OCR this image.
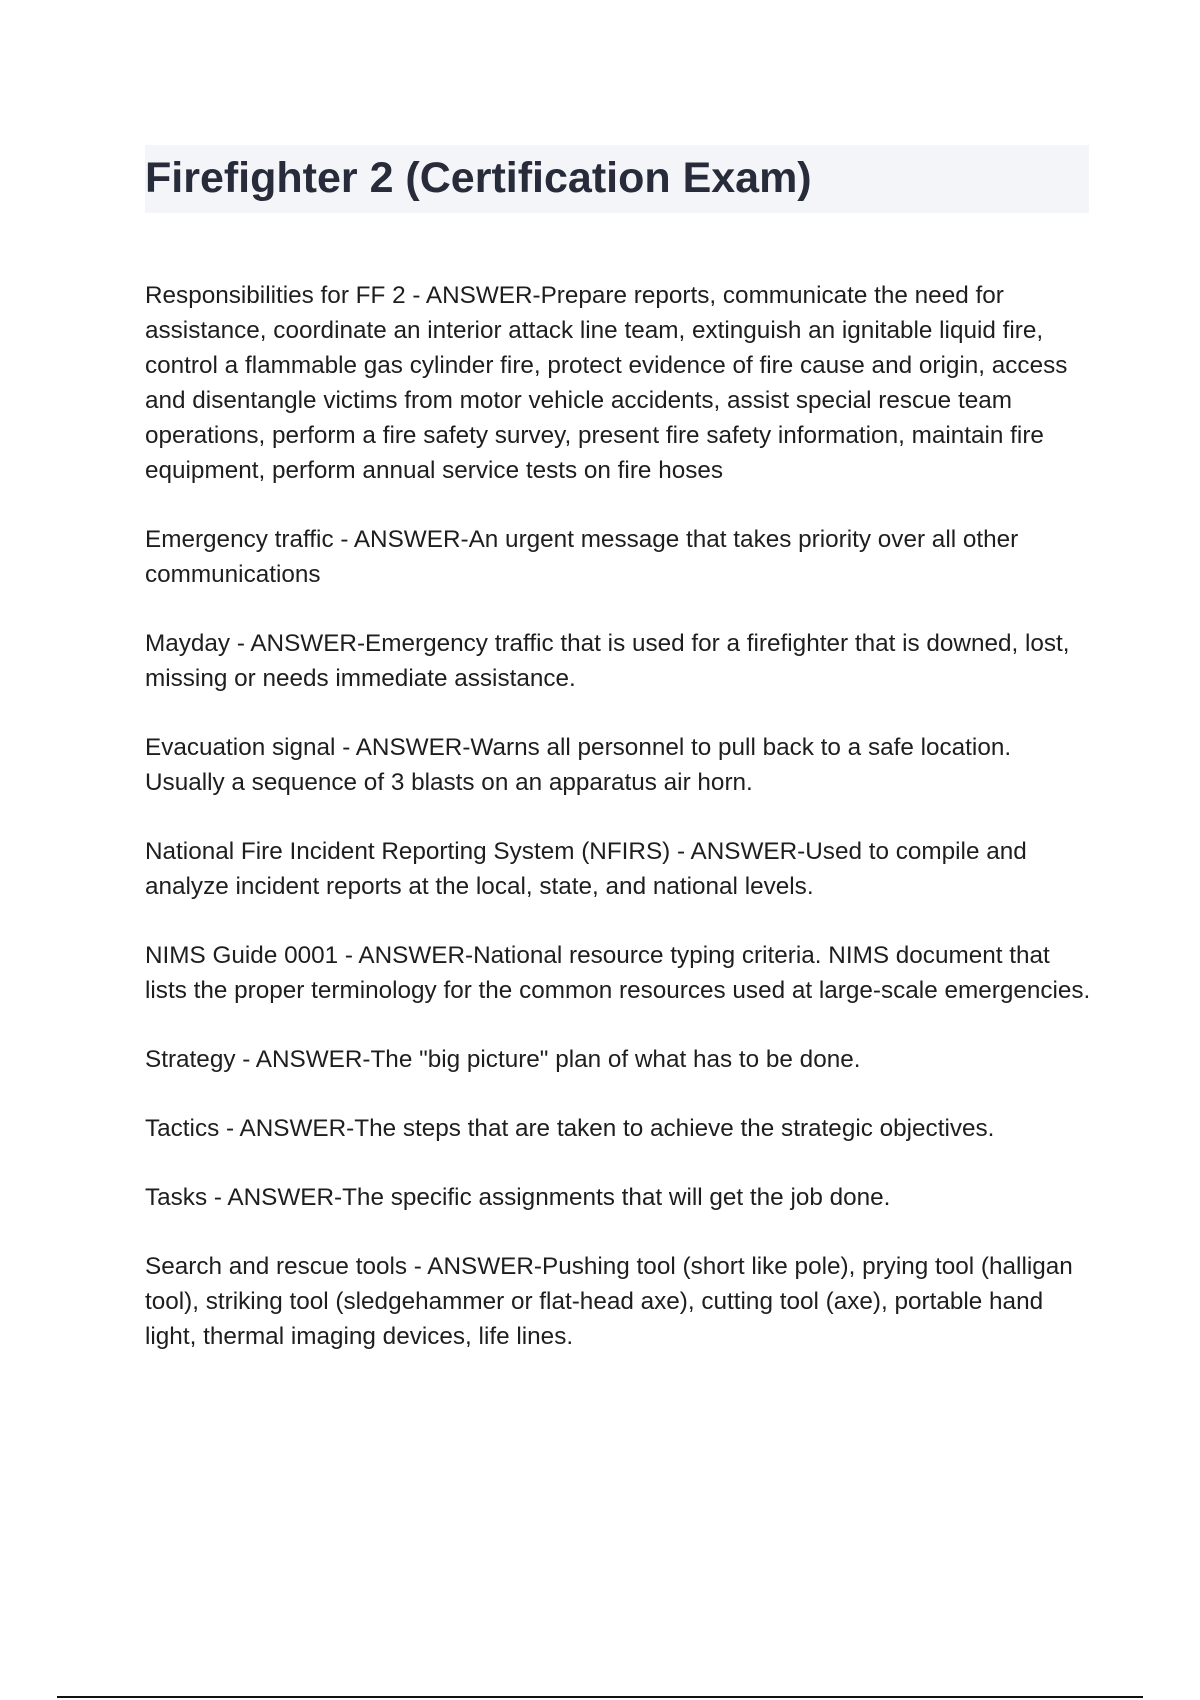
Firefighter 2 (Certification Exam)

Responsibilities for FF 2 - ANSWER-Prepare reports, communicate the need for assistance, coordinate an interior attack line team, extinguish an ignitable liquid fire, control a flammable gas cylinder fire, protect evidence of fire cause and origin, access and disentangle victims from motor vehicle accidents, assist special rescue team operations, perform a fire safety survey, present fire safety information, maintain fire equipment, perform annual service tests on fire hoses

Emergency traffic - ANSWER-An urgent message that takes priority over all other communications

Mayday - ANSWER-Emergency traffic that is used for a firefighter that is downed, lost, missing or needs immediate assistance.

Evacuation signal - ANSWER-Warns all personnel to pull back to a safe location. Usually a sequence of 3 blasts on an apparatus air horn.

National Fire Incident Reporting System (NFIRS) - ANSWER-Used to compile and analyze incident reports at the local, state, and national levels.

NIMS Guide 0001 - ANSWER-National resource typing criteria. NIMS document that lists the proper terminology for the common resources used at large-scale emergencies.

Strategy - ANSWER-The "big picture" plan of what has to be done.

Tactics - ANSWER-The steps that are taken to achieve the strategic objectives.

Tasks - ANSWER-The specific assignments that will get the job done.

Search and rescue tools - ANSWER-Pushing tool (short like pole), prying tool (halligan tool), striking tool (sledgehammer or flat-head axe), cutting tool (axe), portable hand light, thermal imaging devices, life lines.
